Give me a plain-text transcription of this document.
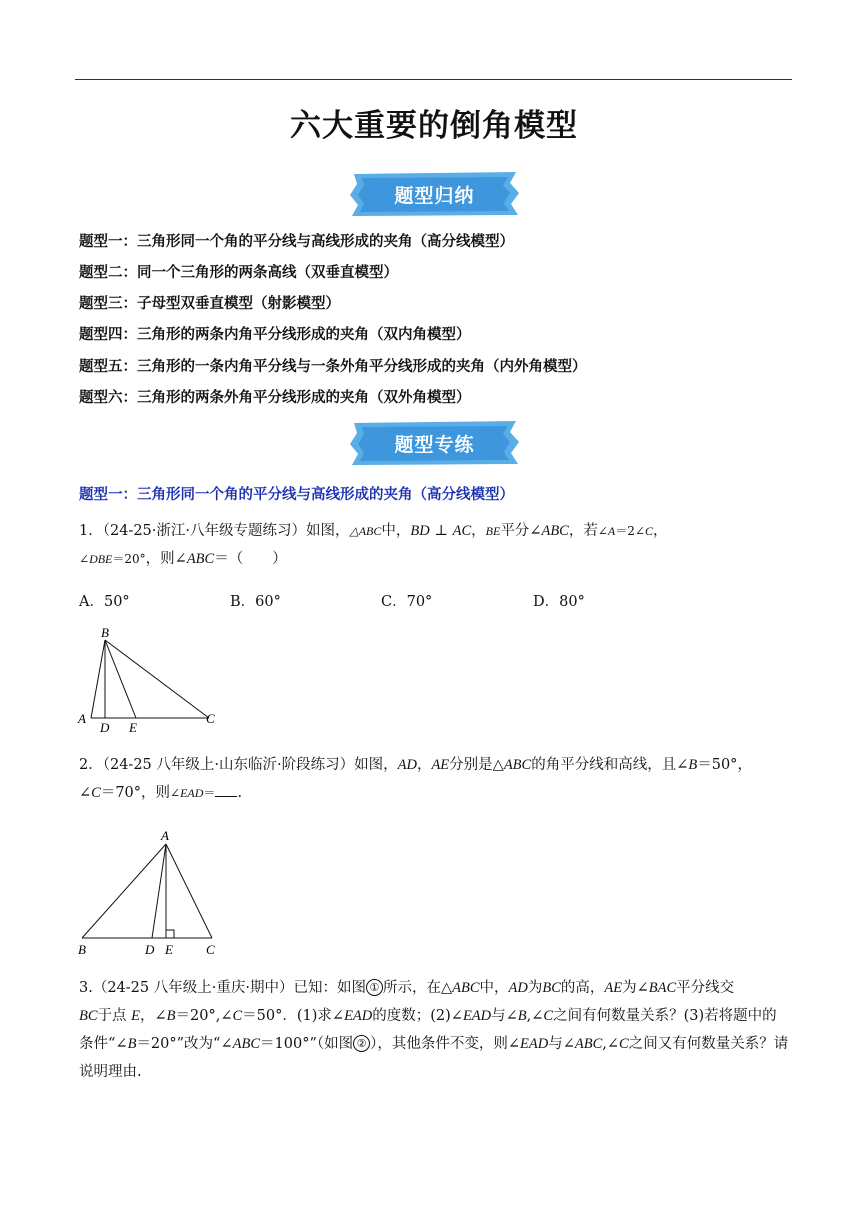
六大重要的倒角模型
题型归纳
题型一：三角形同一个角的平分线与高线形成的夹角（高分线模型）
题型二：同一个三角形的两条高线（双垂直模型）
题型三：子母型双垂直模型（射影模型）
题型四：三角形的两条内角平分线形成的夹角（双内角模型）
题型五：三角形的一条内角平分线与一条外角平分线形成的夹角（内外角模型）
题型六：三角形的两条外角平分线形成的夹角（双外角模型）
题型专练
题型一：三角形同一个角的平分线与高线形成的夹角（高分线模型）
1．（24-25·浙江·八年级专题练习）如图，△ABC中，BD ⊥ AC，BE平分∠ABC，若∠A＝2∠C，
∠DBE＝20°，则∠ABC＝（　　）
A．50°	B．60°	C．70°	D．80°
B
A
D E
C
2．（24-25 八年级上·山东临沂·阶段练习）如图，AD，AE分别是△ABC的角平分线和高线，且∠B＝50°，
∠C＝70°，则∠EAD＝ .
A
B	D E	C
3.（24-25 八年级上·重庆·期中）已知：如图 ① 所示，在△ABC中，AD为BC的高，AE为∠BAC平分线交
BC于点 E，∠B＝20°,∠C＝50°．(1)求∠EAD的度数；(2)∠EAD与∠B,∠C之间有何数量关系？(3)若将题中的条件“∠B＝20°”改为“∠ABC＝100°”（如图 ② ），其他条件不变，则∠EAD与∠ABC,∠C之间又有何数量关系？请说明理由.
